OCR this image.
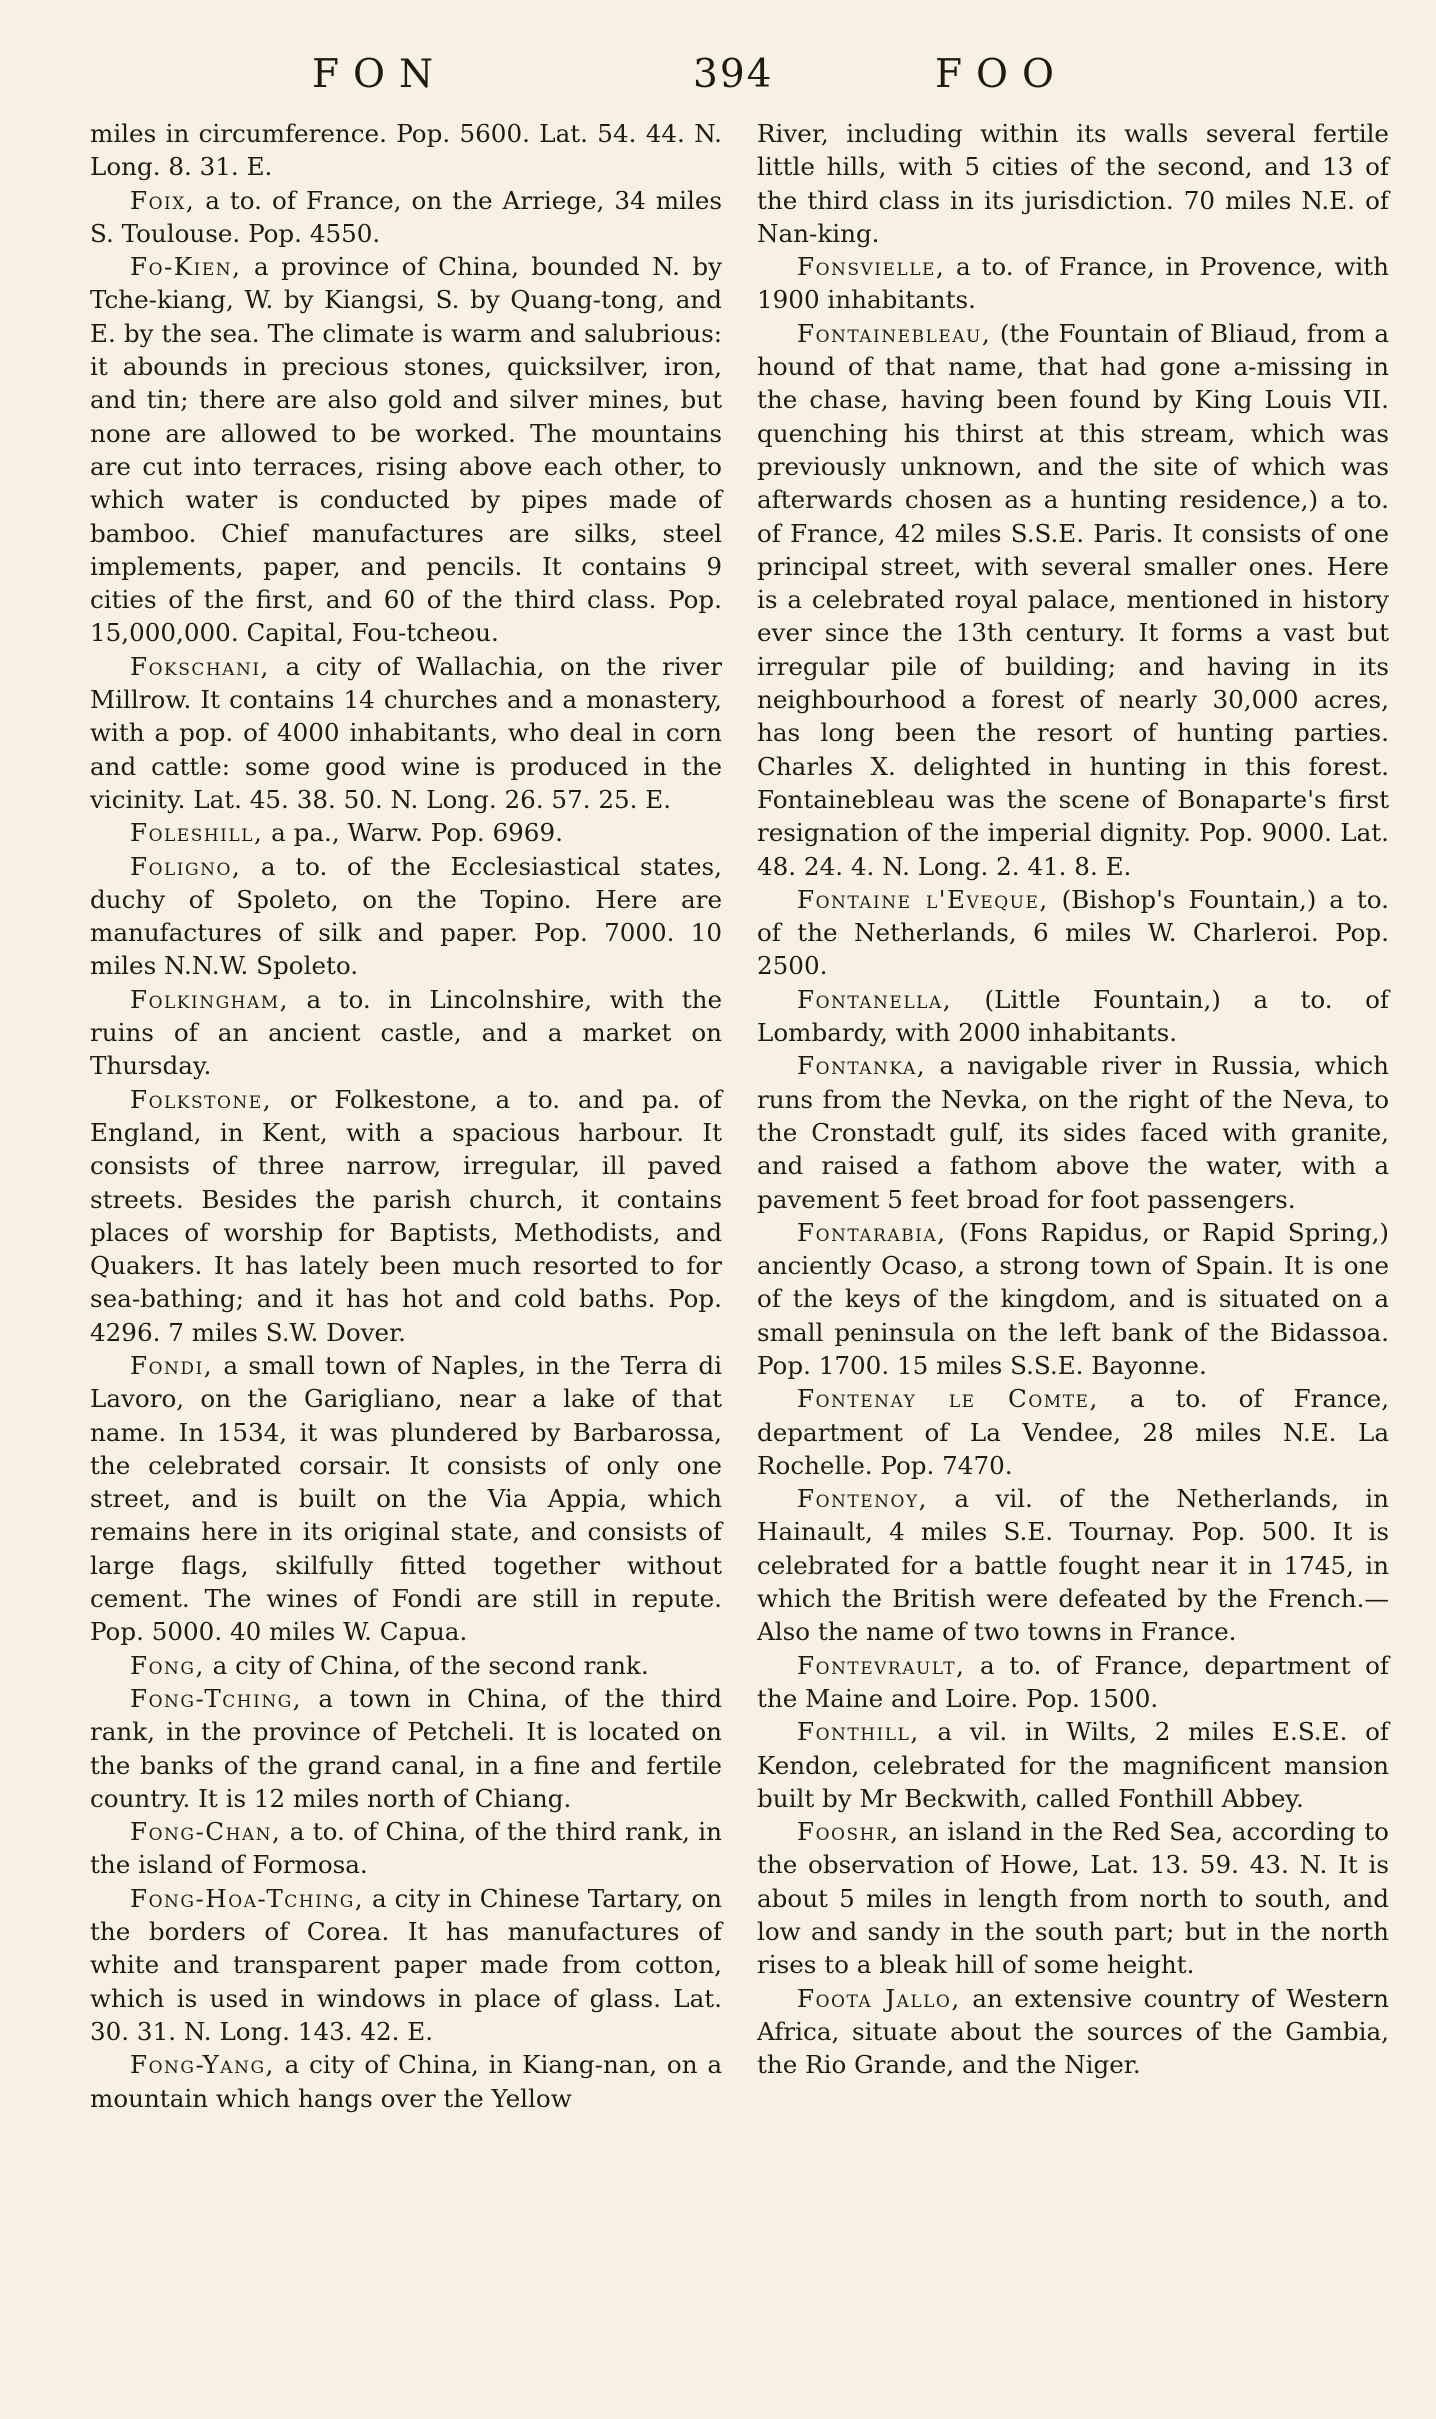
FON	394	FOO

miles in circumference. Pop. 5600. Lat. 54. 44. N. Long. 8. 31. E.

Foix, a to. of France, on the Arriege, 34 miles S. Toulouse. Pop. 4550.

Fo-Kien, a province of China, bounded N. by Tche-kiang, W. by Kiangsi, S. by Quang-tong, and E. by the sea. The climate is warm and salubrious: it abounds in precious stones, quicksilver, iron, and tin; there are also gold and silver mines, but none are allowed to be worked. The mountains are cut into terraces, rising above each other, to which water is conducted by pipes made of bamboo. Chief manufactures are silks, steel implements, paper, and pencils. It contains 9 cities of the first, and 60 of the third class. Pop. 15,000,000. Capital, Fou-tcheou.

Fokschani, a city of Wallachia, on the river Millrow. It contains 14 churches and a monastery, with a pop. of 4000 inhabitants, who deal in corn and cattle: some good wine is produced in the vicinity. Lat. 45. 38. 50. N. Long. 26. 57. 25. E.

Foleshill, a pa., Warw. Pop. 6969.

Foligno, a to. of the Ecclesiastical states, duchy of Spoleto, on the Topino. Here are manufactures of silk and paper. Pop. 7000. 10 miles N.N.W. Spoleto.

Folkingham, a to. in Lincolnshire, with the ruins of an ancient castle, and a market on Thursday.

Folkstone, or Folkestone, a to. and pa. of England, in Kent, with a spacious harbour. It consists of three narrow, irregular, ill paved streets. Besides the parish church, it contains places of worship for Baptists, Methodists, and Quakers. It has lately been much resorted to for sea-bathing; and it has hot and cold baths. Pop. 4296. 7 miles S.W. Dover.

Fondi, a small town of Naples, in the Terra di Lavoro, on the Garigliano, near a lake of that name. In 1534, it was plundered by Barbarossa, the celebrated corsair. It consists of only one street, and is built on the Via Appia, which remains here in its original state, and consists of large flags, skilfully fitted together without cement. The wines of Fondi are still in repute. Pop. 5000. 40 miles W. Capua.

Fong, a city of China, of the second rank.

Fong-Tching, a town in China, of the third rank, in the province of Petcheli. It is located on the banks of the grand canal, in a fine and fertile country. It is 12 miles north of Chiang.

Fong-Chan, a to. of China, of the third rank, in the island of Formosa.

Fong-Hoa-Tching, a city in Chinese Tartary, on the borders of Corea. It has manufactures of white and transparent paper made from cotton, which is used in windows in place of glass. Lat. 30. 31. N. Long. 143. 42. E.

Fong-Yang, a city of China, in Kiang-nan, on a mountain which hangs over the Yellow

River, including within its walls several fertile little hills, with 5 cities of the second, and 13 of the third class in its jurisdiction. 70 miles N.E. of Nan-king.

Fonsvielle, a to. of France, in Provence, with 1900 inhabitants.

Fontainebleau, (the Fountain of Bliaud, from a hound of that name, that had gone a-missing in the chase, having been found by King Louis VII. quenching his thirst at this stream, which was previously unknown, and the site of which was afterwards chosen as a hunting residence,) a to. of France, 42 miles S.S.E. Paris. It consists of one principal street, with several smaller ones. Here is a celebrated royal palace, mentioned in history ever since the 13th century. It forms a vast but irregular pile of building; and having in its neighbourhood a forest of nearly 30,000 acres, has long been the resort of hunting parties. Charles X. delighted in hunting in this forest. Fontainebleau was the scene of Bonaparte's first resignation of the imperial dignity. Pop. 9000. Lat. 48. 24. 4. N. Long. 2. 41. 8. E.

Fontaine l'Eveque, (Bishop's Fountain,) a to. of the Netherlands, 6 miles W. Charleroi. Pop. 2500.

Fontanella, (Little Fountain,) a to. of Lombardy, with 2000 inhabitants.

Fontanka, a navigable river in Russia, which runs from the Nevka, on the right of the Neva, to the Cronstadt gulf, its sides faced with granite, and raised a fathom above the water, with a pavement 5 feet broad for foot passengers.

Fontarabia, (Fons Rapidus, or Rapid Spring,) anciently Ocaso, a strong town of Spain. It is one of the keys of the kingdom, and is situated on a small peninsula on the left bank of the Bidassoa. Pop. 1700. 15 miles S.S.E. Bayonne.

Fontenay le Comte, a to. of France, department of La Vendee, 28 miles N.E. La Rochelle. Pop. 7470.

Fontenoy, a vil. of the Netherlands, in Hainault, 4 miles S.E. Tournay. Pop. 500. It is celebrated for a battle fought near it in 1745, in which the British were defeated by the French.—Also the name of two towns in France.

Fontevrault, a to. of France, department of the Maine and Loire. Pop. 1500.

Fonthill, a vil. in Wilts, 2 miles E.S.E. of Kendon, celebrated for the magnificent mansion built by Mr Beckwith, called Fonthill Abbey.

Fooshr, an island in the Red Sea, according to the observation of Howe, Lat. 13. 59. 43. N. It is about 5 miles in length from north to south, and low and sandy in the south part; but in the north rises to a bleak hill of some height.

Foota Jallo, an extensive country of Western Africa, situate about the sources of the Gambia, the Rio Grande, and the Niger.
